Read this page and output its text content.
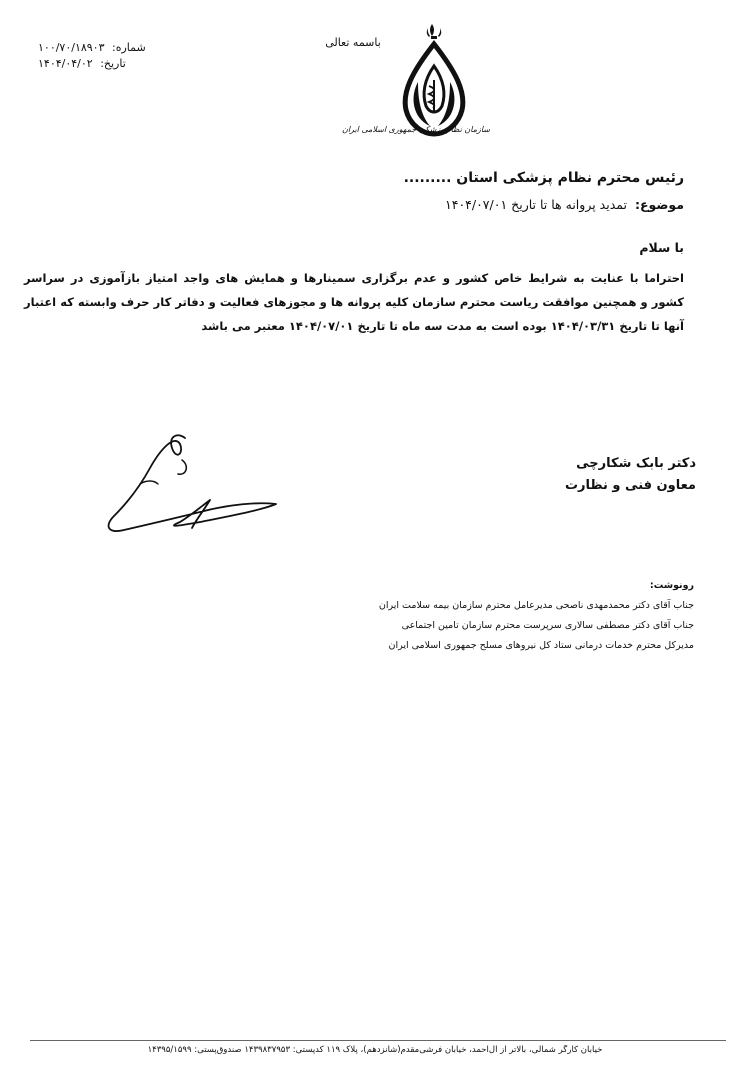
شماره: ۱۰۰/۷۰/۱۸۹۰۳
تاریخ: ۱۴۰۴/۰۴/۰۲
باسمه تعالی
سازمان نظام پزشکی جمهوری اسلامی ایران
رئیس محترم نظام پزشکی استان .........
موضوع: تمدید پروانه ها تا تاریخ ۱۴۰۴/۰۷/۰۱
با سلام
احتراما با عنایت به شرایط خاص کشور و عدم برگزاری سمینارها و همایش های واجد امتیاز بازآموزی در سراسر کشور و همچنین موافقت ریاست محترم سازمان کلیه پروانه ها و مجوزهای فعالیت و دفاتر کار حرف وابسته که اعتبار آنها تا تاریخ ۱۴۰۴/۰۳/۳۱ بوده است به مدت سه ماه تا تاریخ ۱۴۰۴/۰۷/۰۱ معتبر می باشد
دکتر بابک شکارچی
معاون فنی و نظارت
رونوشت:
جناب آقای دکتر محمدمهدی ناصحی مدیرعامل محترم سازمان بیمه سلامت ایران
جناب آقای دکتر مصطفی سالاری سرپرست محترم سازمان تامین اجتماعی
مدیرکل محترم خدمات درمانی ستاد کل نیروهای مسلح جمهوری اسلامی ایران
خیابان کارگر شمالی، بالاتر از آل‌احمد، خیابان فرشی‌مقدم(شانزدهم)، پلاک ۱۱۹ کدپستی: ۱۴۳۹۸۳۷۹۵۳ صندوق‌پستی: ۱۴۳۹۵/۱۵۹۹
